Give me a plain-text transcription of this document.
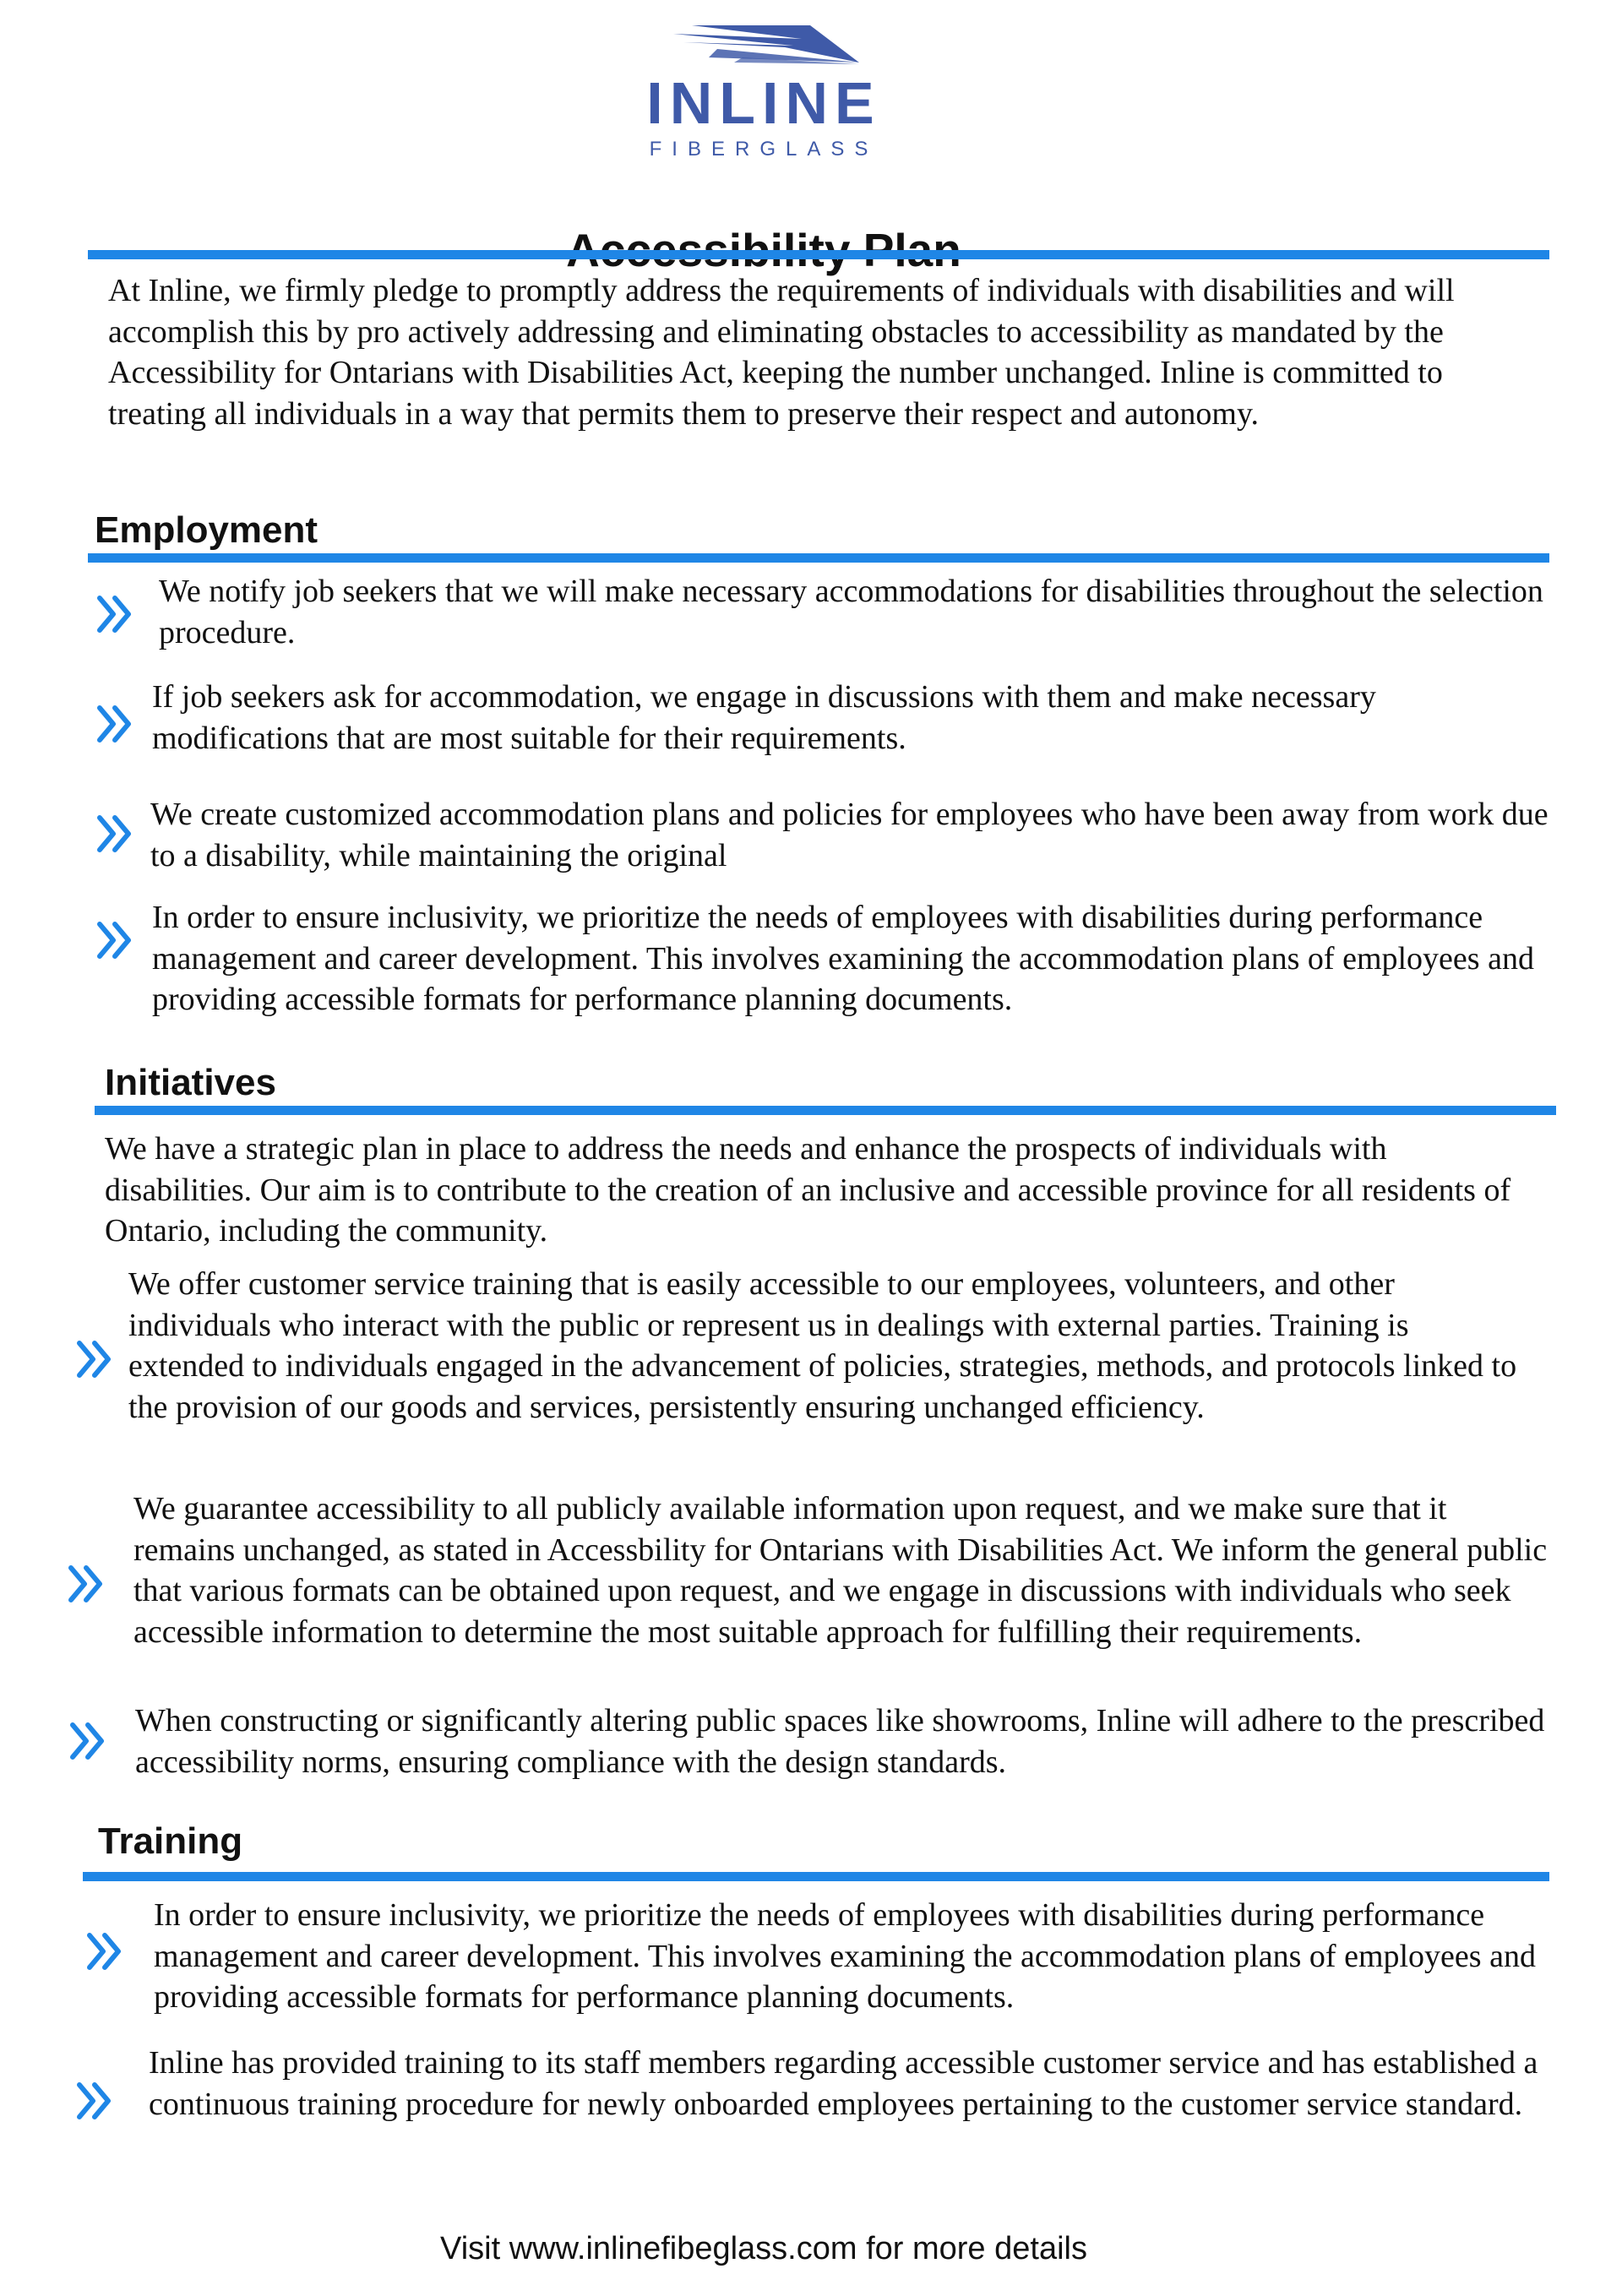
INLINE
FIBERGLASS

At Inline, we firmly pledge to promptly address the requirements of individuals with disabilities and will accomplish this by pro actively addressing and eliminating obstacles to accessibility as mandated by the Accessibility for Ontarians with Disabilities Act, keeping the number unchanged. Inline is committed to treating all individuals in a way that permits them to preserve their respect and autonomy.

Employment

We notify job seekers that we will make necessary accommodations for disabilities throughout the selection procedure.

If job seekers ask for accommodation, we engage in discussions with them and make necessary modifications that are most suitable for their requirements.

We create customized accommodation plans and policies for employees who have been away from work due to a disability, while maintaining the original

In order to ensure inclusivity, we prioritize the needs of employees with disabilities during performance management and career development. This involves examining the accommodation plans of employees and providing accessible formats for performance planning documents.

Initiatives

We have a strategic plan in place to address the needs and enhance the prospects of individuals with disabilities. Our aim is to contribute to the creation of an inclusive and accessible province for all residents of Ontario, including the community.

We offer customer service training that is easily accessible to our employees, volunteers, and other individuals who interact with the public or represent us in dealings with external parties. Training is extended to individuals engaged in the advancement of policies, strategies, methods, and protocols linked to the provision of our goods and services, persistently ensuring unchanged efficiency.

We guarantee accessibility to all publicly available information upon request, and we make sure that it remains unchanged, as stated in Accessbility for Ontarians with Disabilities Act. We inform the general public that various formats can be obtained upon request, and we engage in discussions with individuals who seek accessible information to determine the most suitable approach for fulfilling their requirements.

When constructing or significantly altering public spaces like showrooms, Inline will adhere to the prescribed accessibility norms, ensuring compliance with the design standards.

Training

In order to ensure inclusivity, we prioritize the needs of employees with disabilities during performance management and career development. This involves examining the accommodation plans of employees and providing accessible formats for performance planning documents.

Inline has provided training to its staff members regarding accessible customer service and has established a continuous training procedure for newly onboarded employees pertaining to the customer service standard.

Visit www.inlinefibeglass.com for more details
